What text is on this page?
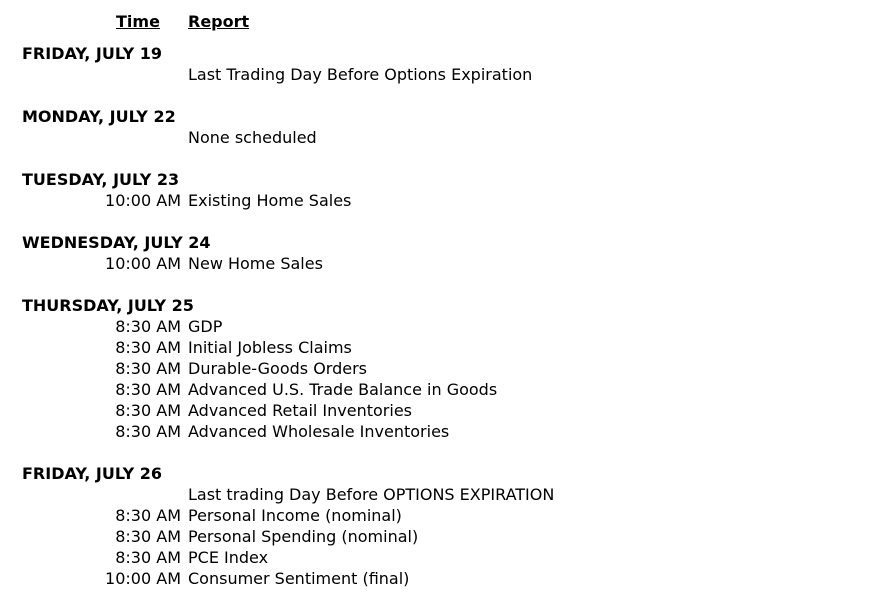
Time	Report
FRIDAY, JULY 19
Last Trading Day Before Options Expiration
MONDAY, JULY 22
None scheduled
TUESDAY, JULY 23
10:00 AM Existing Home Sales
WEDNESDAY, JULY 24
10:00 AM New Home Sales
THURSDAY, JULY 25
8:30 AM GDP
8:30 AM Initial Jobless Claims
8:30 AM Durable-Goods Orders
8:30 AM Advanced U.S. Trade Balance in Goods
8:30 AM Advanced Retail Inventories
8:30 AM Advanced Wholesale Inventories
FRIDAY, JULY 26
Last trading Day Before OPTIONS EXPIRATION
8:30 AM Personal Income (nominal)
8:30 AM Personal Spending (nominal)
8:30 AM PCE Index
10:00 AM Consumer Sentiment (final)
